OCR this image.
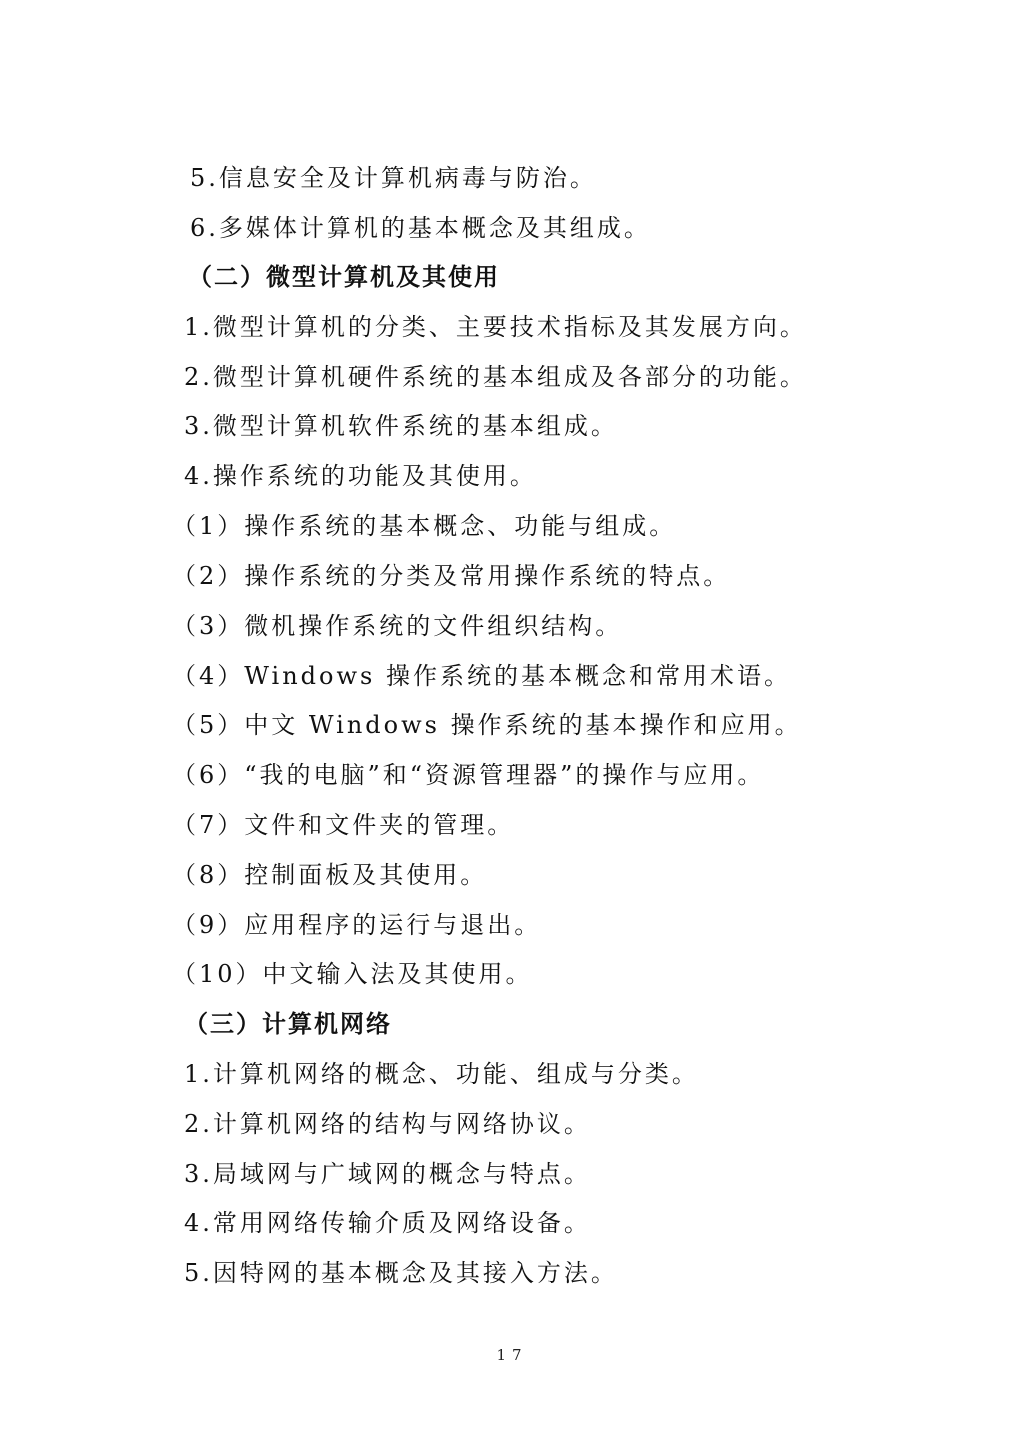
5.信息安全及计算机病毒与防治。
6.多媒体计算机的基本概念及其组成。
（二）微型计算机及其使用
1.微型计算机的分类、主要技术指标及其发展方向。
2.微型计算机硬件系统的基本组成及各部分的功能。
3.微型计算机软件系统的基本组成。
4.操作系统的功能及其使用。
（1）操作系统的基本概念、功能与组成。
（2）操作系统的分类及常用操作系统的特点。
（3）微机操作系统的文件组织结构。
（4）Windows 操作系统的基本概念和常用术语。
（5）中文 Windows 操作系统的基本操作和应用。
（6）“我的电脑”和“资源管理器”的操作与应用。
（7）文件和文件夹的管理。
（8）控制面板及其使用。
（9）应用程序的运行与退出。
（10）中文输入法及其使用。
（三）计算机网络
1.计算机网络的概念、功能、组成与分类。
2.计算机网络的结构与网络协议。
3.局域网与广域网的概念与特点。
4.常用网络传输介质及网络设备。
5.因特网的基本概念及其接入方法。
17
